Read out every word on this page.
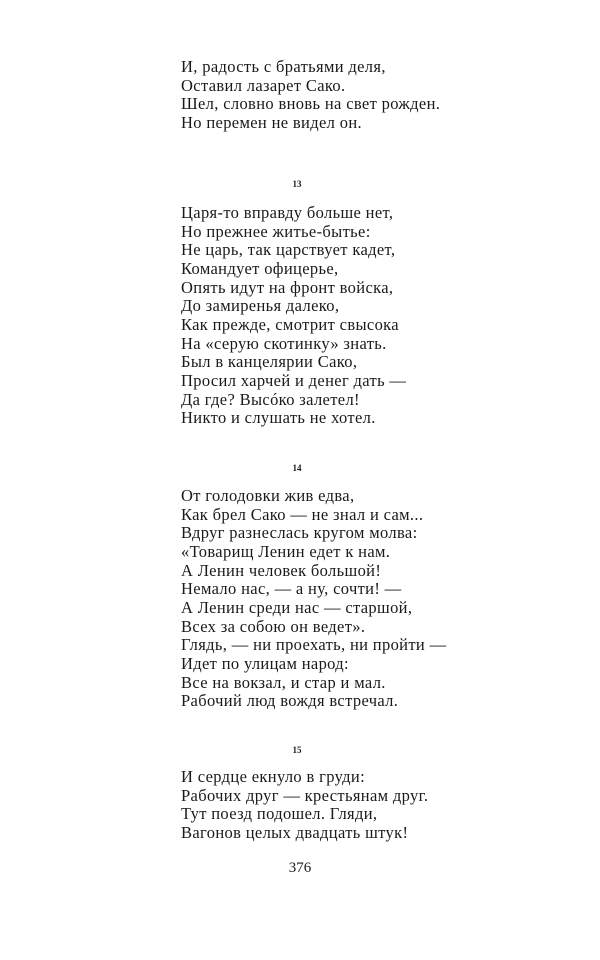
И, радость с братьями деля,
Оставил лазарет Сако.
Шел, словно вновь на свет рожден.
Но перемен не видел он.
13
Царя-то вправду больше нет,
Но прежнее житье-бытье:
Не царь, так царствует кадет,
Командует офицерье,
Опять идут на фронт войска,
До замиренья далеко,
Как прежде, смотрит свысока
На «серую скотинку» знать.
Был в канцелярии Сако,
Просил харчей и денег дать —
Да где? Высóко залетел!
Никто и слушать не хотел.
14
От голодовки жив едва,
Как брел Сако — не знал и сам...
Вдруг разнеслась кругом молва:
«Товарищ Ленин едет к нам.
А Ленин человек большой!
Немало нас, — а ну, сочти! —
А Ленин среди нас — старшой,
Всех за собою он ведет».
Глядь, — ни проехать, ни пройти —
Идет по улицам народ:
Все на вокзал, и стар и мал.
Рабочий люд вождя встречал.
15
И сердце екнуло в груди:
Рабочих друг — крестьянам друг.
Тут поезд подошел. Гляди,
Вагонов целых двадцать штук!
376
